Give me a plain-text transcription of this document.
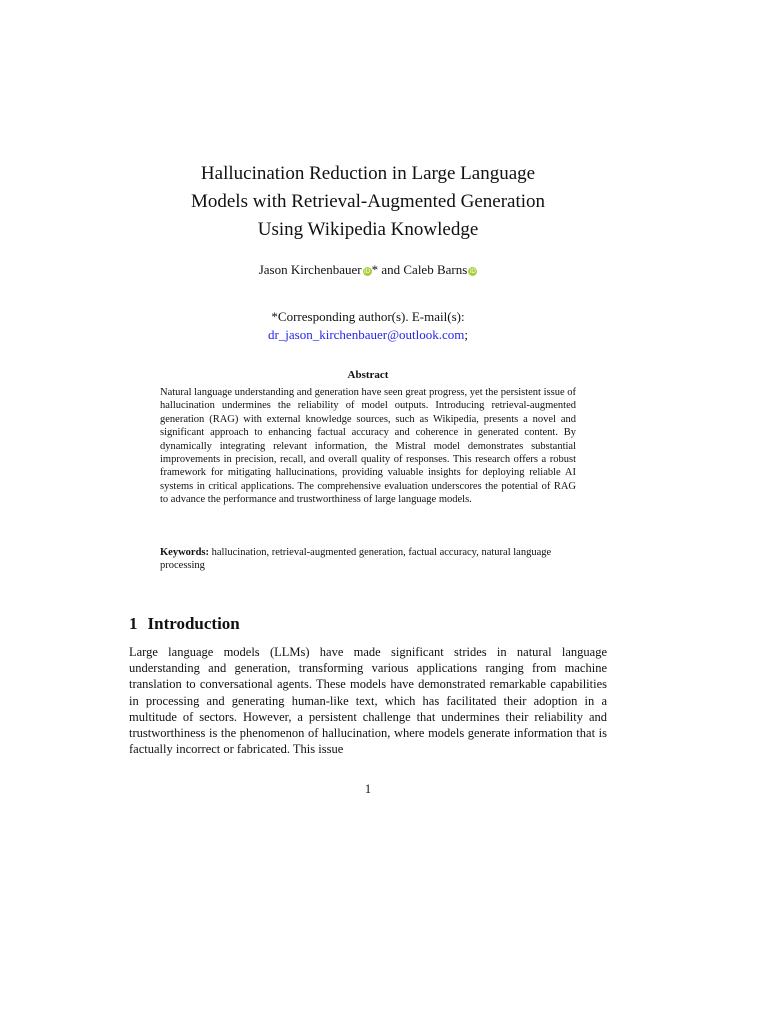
Hallucination Reduction in Large Language
Models with Retrieval-Augmented Generation
Using Wikipedia Knowledge
Jason Kirchenbauer iD* and Caleb Barns iD
*Corresponding author(s). E-mail(s):
dr_jason_kirchenbauer@outlook.com;
Abstract
Natural language understanding and generation have seen great progress, yet the persistent issue of hallucination undermines the reliability of model outputs. Introducing retrieval-augmented generation (RAG) with external knowledge sources, such as Wikipedia, presents a novel and significant approach to enhancing factual accuracy and coherence in generated content. By dynamically integrating relevant information, the Mistral model demonstrates substantial improvements in precision, recall, and overall quality of responses. This research offers a robust framework for mitigating hallucinations, providing valuable insights for deploying reliable AI systems in critical applications. The comprehensive evaluation underscores the potential of RAG to advance the performance and trustworthiness of large language models.
Keywords: hallucination, retrieval-augmented generation, factual accuracy, natural language processing
1 Introduction
Large language models (LLMs) have made significant strides in natural language understanding and generation, transforming various applications ranging from machine translation to conversational agents. These models have demonstrated remarkable capabilities in processing and generating human-like text, which has facilitated their adoption in a multitude of sectors. However, a persistent challenge that undermines their reliability and trustworthiness is the phenomenon of hallucination, where models generate information that is factually incorrect or fabricated. This issue
1
